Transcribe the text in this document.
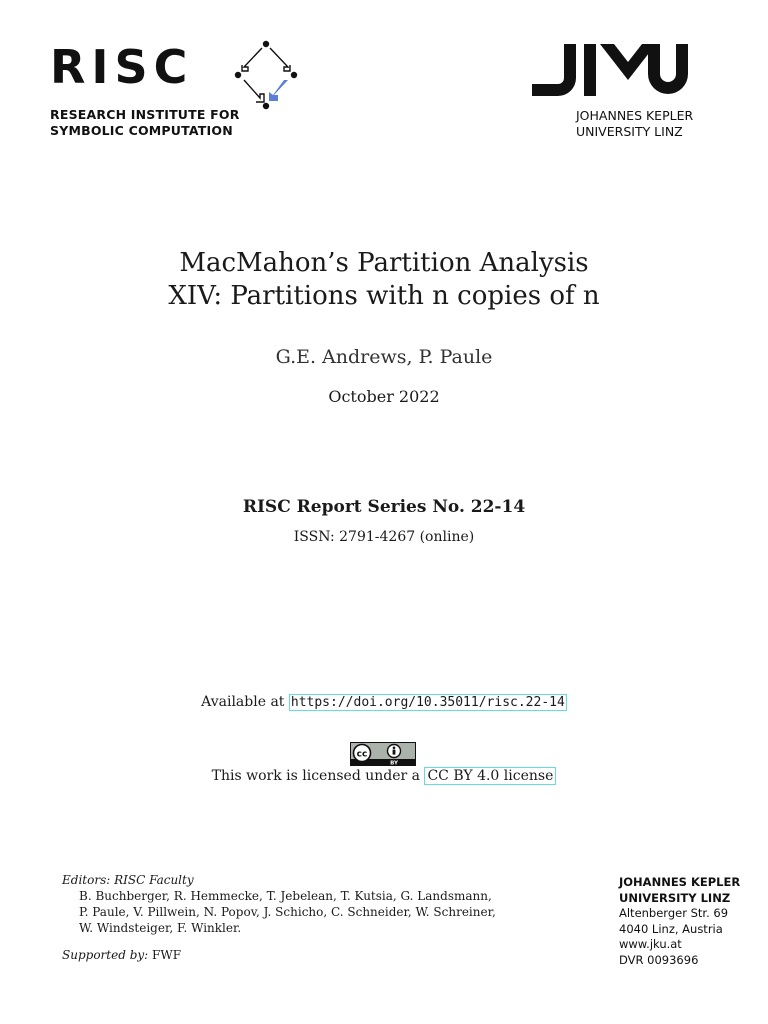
RISC
RESEARCH INSTITUTE FOR
SYMBOLIC COMPUTATION
JOHANNES KEPLER
UNIVERSITY LINZ
MacMahon’s Partition Analysis
XIV: Partitions with n copies of n
G.E. Andrews, P. Paule
October 2022
RISC Report Series No. 22-14
ISSN: 2791-4267 (online)
Available at https://doi.org/10.35011/risc.22-14
cc
BY
This work is licensed under a CC BY 4.0 license
Editors: RISC Faculty
B. Buchberger, R. Hemmecke, T. Jebelean, T. Kutsia, G. Landsmann,
P. Paule, V. Pillwein, N. Popov, J. Schicho, C. Schneider, W. Schreiner,
W. Windsteiger, F. Winkler.
Supported by: FWF
JOHANNES KEPLER
UNIVERSITY LINZ
Altenberger Str. 69
4040 Linz, Austria
www.jku.at
DVR 0093696
